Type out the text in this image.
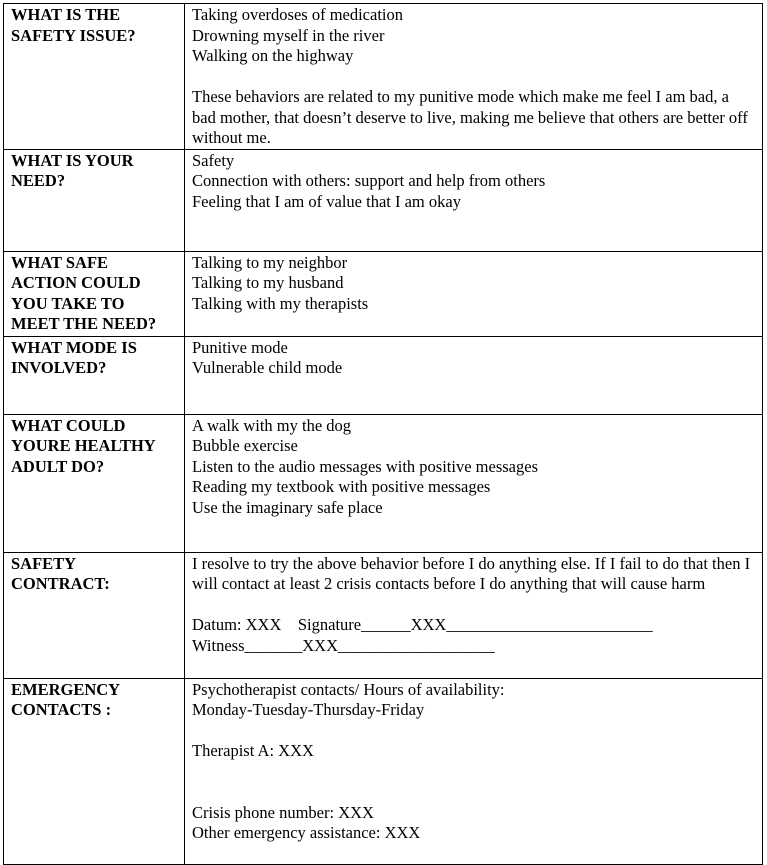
WHAT IS THE SAFETY ISSUE?	Taking overdoses of medication
Drowning myself in the river
Walking on the highway
These behaviors are related to my punitive mode which make me feel I am bad, a bad mother, that doesn’t deserve to live, making me believe that others are better off without me.

WHAT IS YOUR NEED?	Safety
Connection with others: support and help from others
Feeling that I am of value that I am okay

WHAT SAFE ACTION COULD YOU TAKE TO MEET THE NEED?	Talking to my neighbor
Talking to my husband
Talking with my therapists

WHAT MODE IS INVOLVED?	Punitive mode
Vulnerable child mode

WHAT COULD YOURE HEALTHY ADULT DO?	A walk with my the dog
Bubble exercise
Listen to the audio messages with positive messages
Reading my textbook with positive messages
Use the imaginary safe place

SAFETY CONTRACT:	I resolve to try the above behavior before I do anything else. If I fail to do that then I will contact at least 2 crisis contacts before I do anything that will cause harm
Datum: XXX    Signature______XXX_________________________
Witness_______XXX___________________

EMERGENCY CONTACTS :	Psychotherapist contacts/ Hours of availability:
Monday-Tuesday-Thursday-Friday
Therapist A: XXX
Crisis phone number: XXX
Other emergency assistance: XXX
